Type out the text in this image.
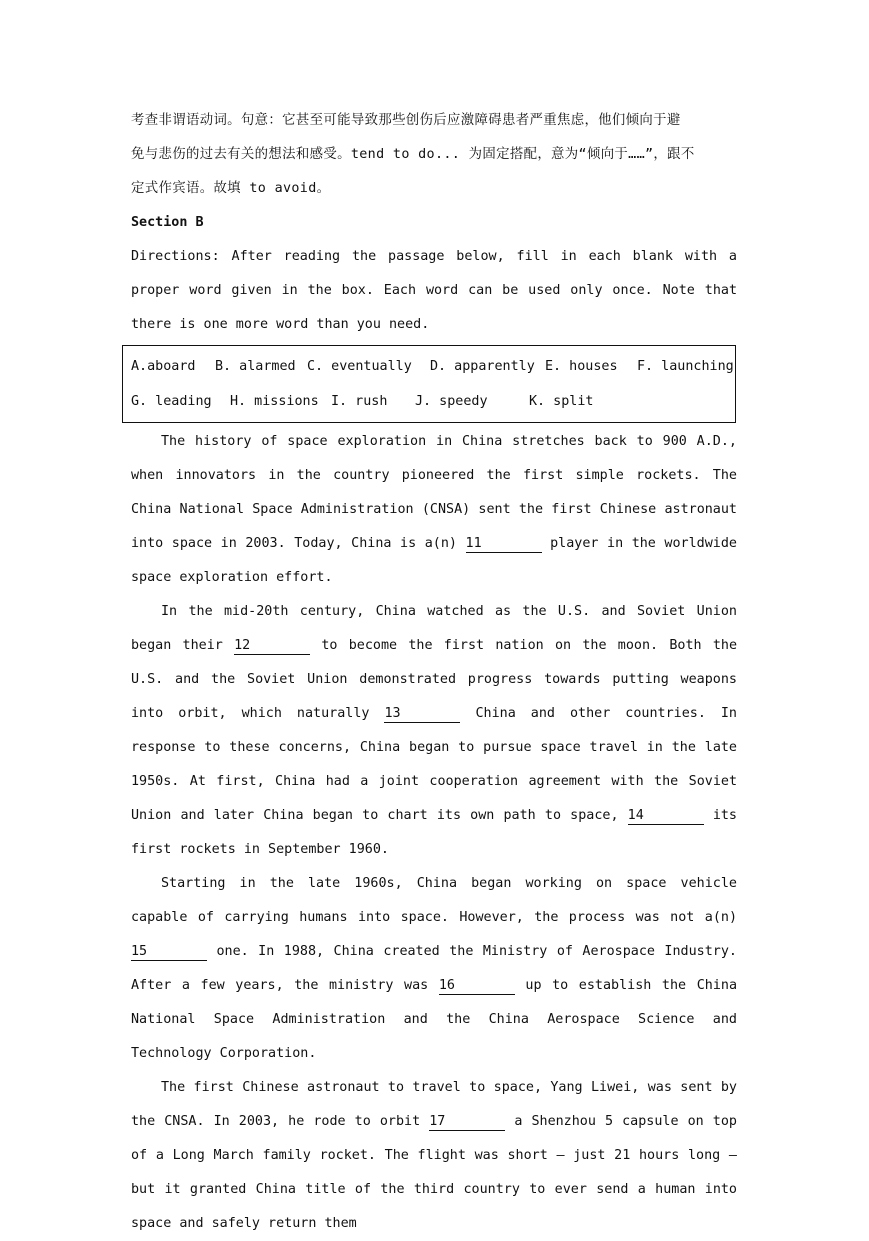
考查非谓语动词。句意：它甚至可能导致那些创伤后应激障碍患者严重焦虑，他们倾向于避

免与悲伤的过去有关的想法和感受。tend to do... 为固定搭配，意为“倾向于……”，跟不

定式作宾语。故填 to avoid。

Section B

Directions: After reading the passage below, fill in each blank with a proper word given in the box. Each word can be used only once. Note that there is one more word than you need.

A.aboard	B. alarmed C. eventually	D. apparently E. houses	F. launching
G. leading	H. missions I. rush	J. speedy	K. split

The history of space exploration in China stretches back to 900 A.D., when innovators in the country pioneered the first simple rockets. The China National Space Administration (CNSA) sent the first Chinese astronaut into space in 2003. Today, China is a(n) 11	player in the worldwide space exploration effort.

In the mid-20th century, China watched as the U.S. and Soviet Union began their 12	to become the first nation on the moon. Both the U.S. and the Soviet Union demonstrated progress towards putting weapons into orbit, which naturally 13	China and other countries. In response to these concerns, China began to pursue space travel in the late 1950s. At first, China had a joint cooperation agreement with the Soviet Union and later China began to chart its own path to space, 14	its first rockets in September 1960.

Starting in the late 1960s, China began working on space vehicle capable of carrying humans into space. However, the process was not a(n) 15	one. In 1988, China created the Ministry of Aerospace Industry. After a few years, the ministry was 16	up to establish the China National Space Administration and the China Aerospace Science and Technology Corporation.

The first Chinese astronaut to travel to space, Yang Liwei, was sent by the CNSA. In 2003, he rode to orbit 17	a Shenzhou 5 capsule on top of a Long March family rocket. The flight was short – just 21 hours long – but it granted China title of the third country to ever send a human into space and safely return them
